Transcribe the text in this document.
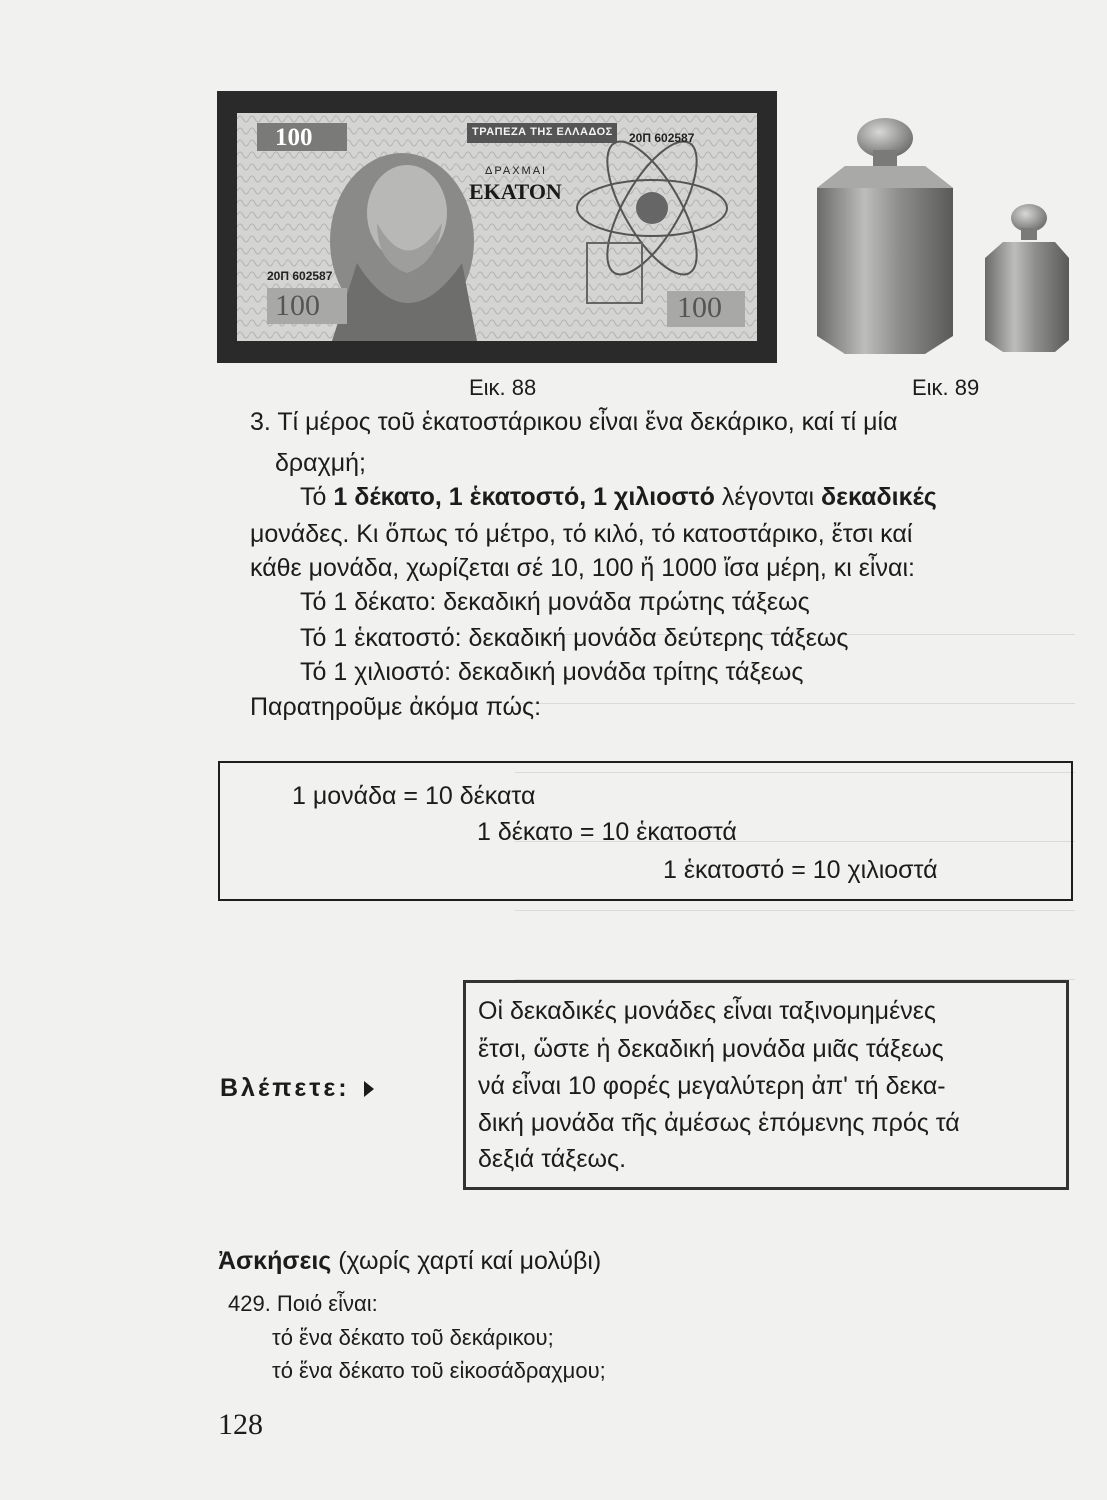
100	ΤΡΑΠΕΖΑ ΤΗΣ ΕΛΛΑΔΟΣ 20Π 602587
ΔΡΑΧΜΑΙ
ΕΚΑΤΟΝ
20Π 602587
100	100
Εικ. 88	Εικ. 89
3. Τί μέρος τοῦ ἑκατοστάρικου εἶναι ἕνα δεκάρικο, καί τί μία
δραχμή;
Τό 1 δέκατο, 1 ἑκατοστό, 1 χιλιοστό λέγονται δεκαδικές
μονάδες. Κι ὅπως τό μέτρο, τό κιλό, τό κατοστάρικο, ἔτσι καί
κάθε μονάδα, χωρίζεται σέ 10, 100 ἤ 1000 ἴσα μέρη, κι εἶναι:
Τό 1 δέκατο: δεκαδική μονάδα πρώτης τάξεως
Τό 1 ἑκατοστό: δεκαδική μονάδα δεύτερης τάξεως
Τό 1 χιλιοστό: δεκαδική μονάδα τρίτης τάξεως
Παρατηροῦμε ἀκόμα πώς:
1 μονάδα = 10 δέκατα
1 δέκατο = 10 ἑκατοστά
1 ἑκατοστό = 10 χιλιοστά
Βλέπετε:
Οἱ δεκαδικές μονάδες εἶναι ταξινομημένες
ἔτσι, ὥστε ἡ δεκαδική μονάδα μιᾶς τάξεως
νά εἶναι 10 φορές μεγαλύτερη ἀπ' τή δεκα-
δική μονάδα τῆς ἀμέσως ἑπόμενης πρός τά
δεξιά τάξεως.
Ἀσκήσεις (χωρίς χαρτί καί μολύβι)
429. Ποιό εἶναι:
τό ἕνα δέκατο τοῦ δεκάρικου;
τό ἕνα δέκατο τοῦ εἰκοσάδραχμου;
128
